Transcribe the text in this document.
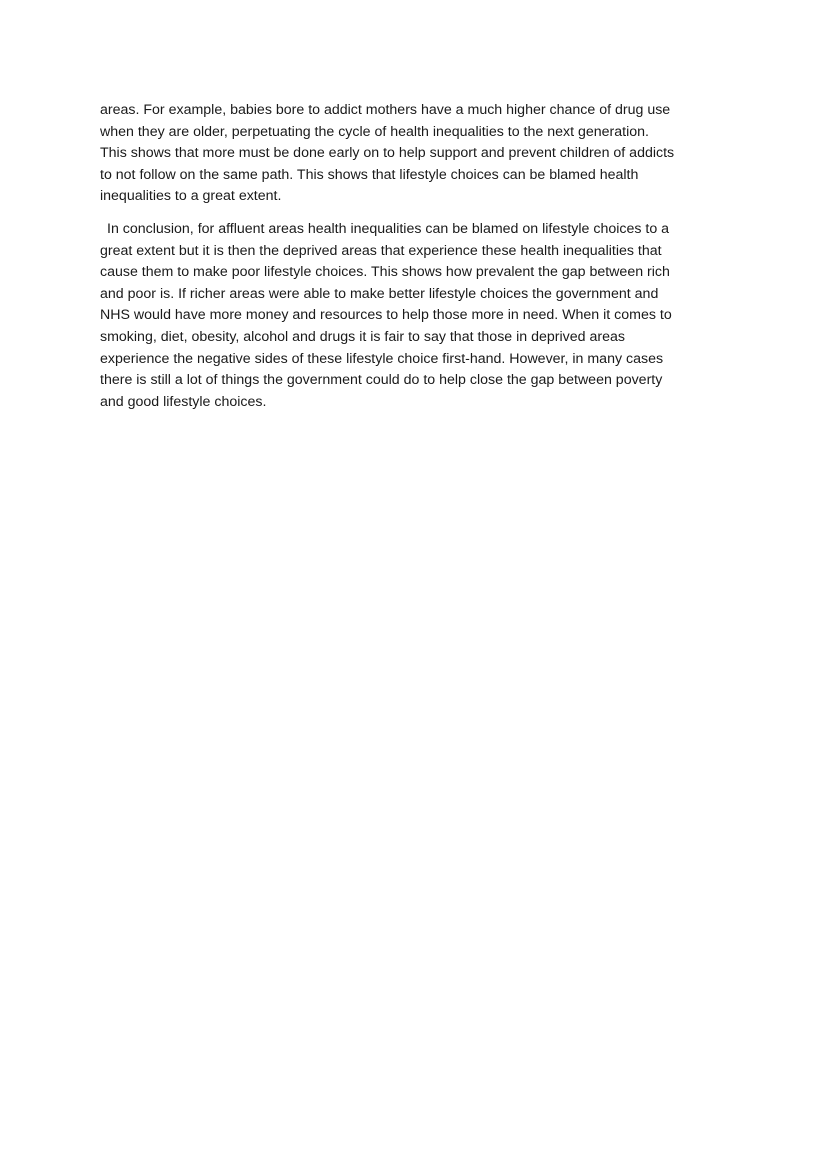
areas. For example, babies bore to addict mothers have a much higher chance of drug use
when they are older, perpetuating the cycle of health inequalities to the next generation.
This shows that more must be done early on to help support and prevent children of addicts
to not follow on the same path. This shows that lifestyle choices can be blamed health
inequalities to a great extent.

In conclusion, for affluent areas health inequalities can be blamed on lifestyle choices to a
great extent but it is then the deprived areas that experience these health inequalities that
cause them to make poor lifestyle choices. This shows how prevalent the gap between rich
and poor is. If richer areas were able to make better lifestyle choices the government and
NHS would have more money and resources to help those more in need. When it comes to
smoking, diet, obesity, alcohol and drugs it is fair to say that those in deprived areas
experience the negative sides of these lifestyle choice first-hand. However, in many cases
there is still a lot of things the government could do to help close the gap between poverty
and good lifestyle choices.
